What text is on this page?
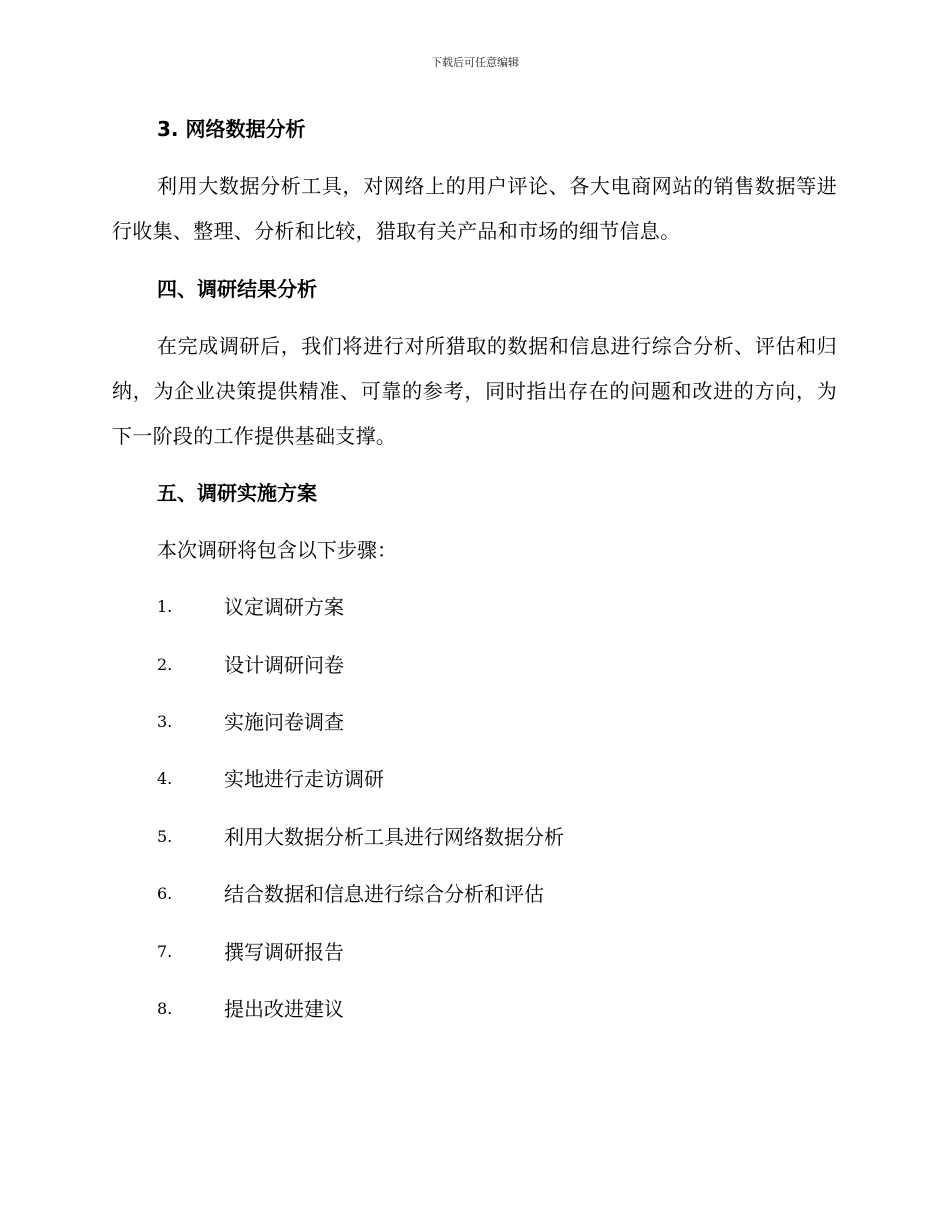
下载后可任意编辑
3. 网络数据分析
利用大数据分析工具，对网络上的用户评论、各大电商网站的销售数据等进行收集、整理、分析和比较，猎取有关产品和市场的细节信息。
四、调研结果分析
在完成调研后，我们将进行对所猎取的数据和信息进行综合分析、评估和归纳，为企业决策提供精准、可靠的参考，同时指出存在的问题和改进的方向，为下一阶段的工作提供基础支撑。
五、调研实施方案
本次调研将包含以下步骤：
1.	议定调研方案
2.	设计调研问卷
3.	实施问卷调查
4.	实地进行走访调研
5.	利用大数据分析工具进行网络数据分析
6.	结合数据和信息进行综合分析和评估
7.	撰写调研报告
8.	提出改进建议
